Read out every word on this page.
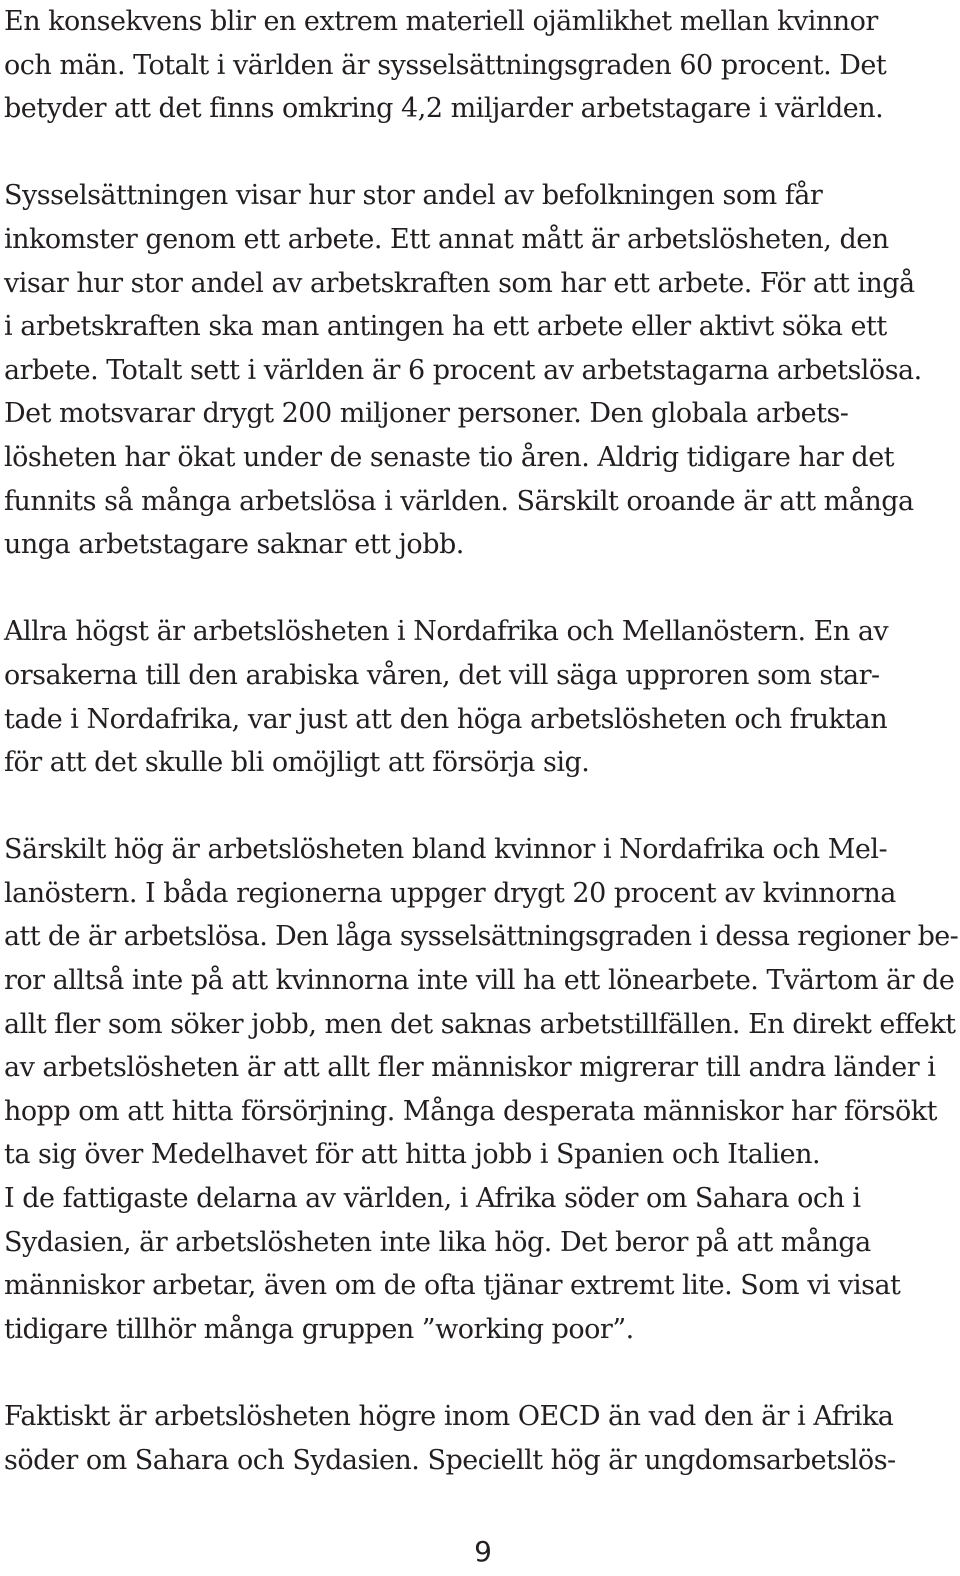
En konsekvens blir en extrem materiell ojämlikhet mellan kvinnor
och män. Totalt i världen är sysselsättningsgraden 60 procent. Det
betyder att det finns omkring 4,2 miljarder arbetstagare i världen.

Sysselsättningen visar hur stor andel av befolkningen som får
inkomster genom ett arbete. Ett annat mått är arbetslösheten, den
visar hur stor andel av arbetskraften som har ett arbete. För att ingå
i arbetskraften ska man antingen ha ett arbete eller aktivt söka ett
arbete. Totalt sett i världen är 6 procent av arbetstagarna arbetslösa.
Det motsvarar drygt 200 miljoner personer. Den globala arbets-
lösheten har ökat under de senaste tio åren. Aldrig tidigare har det
funnits så många arbetslösa i världen. Särskilt oroande är att många
unga arbetstagare saknar ett jobb.

Allra högst är arbetslösheten i Nordafrika och Mellanöstern. En av
orsakerna till den arabiska våren, det vill säga upproren som star-
tade i Nordafrika, var just att den höga arbetslösheten och fruktan
för att det skulle bli omöjligt att försörja sig.

Särskilt hög är arbetslösheten bland kvinnor i Nordafrika och Mel-
lanöstern. I båda regionerna uppger drygt 20 procent av kvinnorna
att de är arbetslösa. Den låga sysselsättningsgraden i dessa regioner be-
ror alltså inte på att kvinnorna inte vill ha ett lönearbete. Tvärtom är de
allt fler som söker jobb, men det saknas arbetstillfällen. En direkt effekt
av arbetslösheten är att allt fler människor migrerar till andra länder i
hopp om att hitta försörjning. Många desperata människor har försökt
ta sig över Medelhavet för att hitta jobb i Spanien och Italien.
I de fattigaste delarna av världen, i Afrika söder om Sahara och i
Sydasien, är arbetslösheten inte lika hög. Det beror på att många
människor arbetar, även om de ofta tjänar extremt lite. Som vi visat
tidigare tillhör många gruppen ”working poor”.

Faktiskt är arbetslösheten högre inom OECD än vad den är i Afrika
söder om Sahara och Sydasien. Speciellt hög är ungdomsarbetslös-

9
